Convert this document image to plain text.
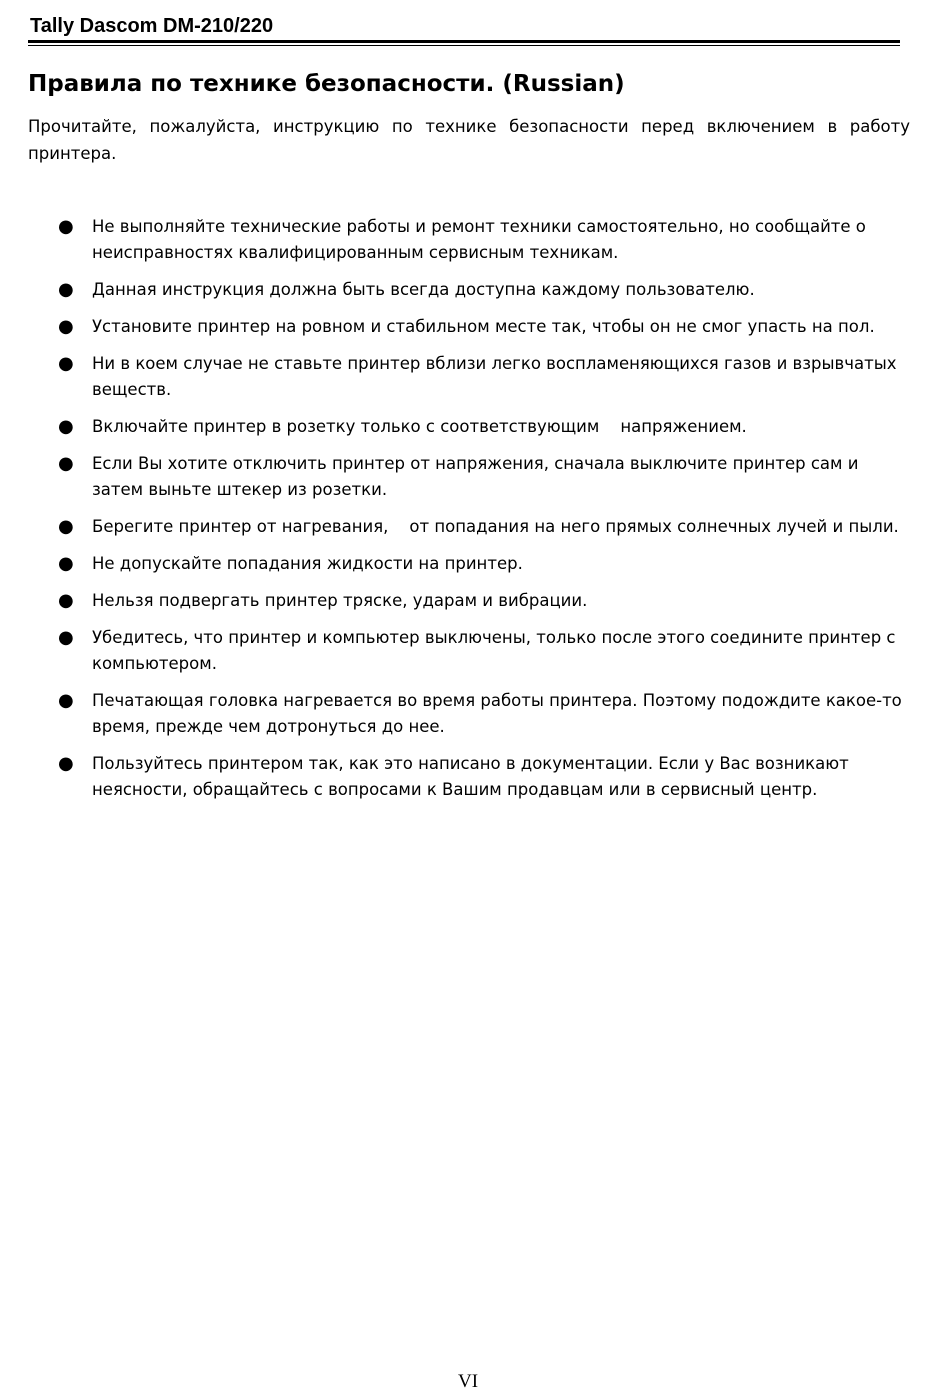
Tally Dascom DM-210/220
Правила по технике безопасности. (Russian)

Прочитайте, пожалуйста, инструкцию по технике безопасности перед включением в работу принтера.

● Не выполняйте технические работы и ремонт техники самостоятельно, но сообщайте о неисправностях квалифицированным сервисным техникам.
● Данная инструкция должна быть всегда доступна каждому пользователю.
● Установите принтер на ровном и стабильном месте так, чтобы он не смог упасть на пол.
● Ни в коем случае не ставьте принтер вблизи легко воспламеняющихся газов и взрывчатых веществ.
● Включайте принтер в розетку только с соответствующим    напряжением.
● Если Вы хотите отключить принтер от напряжения, сначала выключите принтер сам и затем выньте штекер из розетки.
● Берегите принтер от нагревания,    от попадания на него прямых солнечных лучей и пыли.
● Не допускайте попадания жидкости на принтер.
● Нельзя подвергать принтер тряске, ударам и вибрации.
● Убедитесь, что принтер и компьютер выключены, только после этого соедините принтер с компьютером.
● Печатающая головка нагревается во время работы принтера. Поэтому подождите какое-то время, прежде чем дотронуться до нее.
● Пользуйтесь принтером так, как это написано в документации. Если у Вас возникают неясности, обращайтесь с вопросами к Вашим продавцам или в сервисный центр.
VI
